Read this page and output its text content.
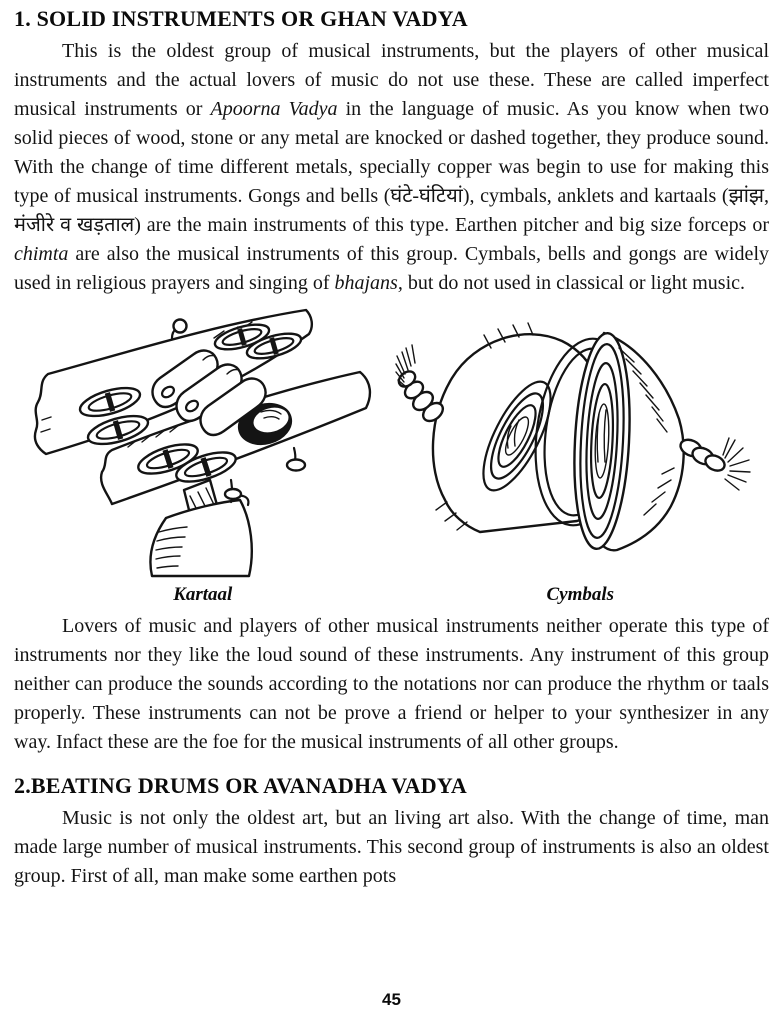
1. SOLID INSTRUMENTS OR GHAN VADYA

This is the oldest group of musical instruments, but the players of other musical instruments and the actual lovers of music do not use these. These are called imperfect musical instruments or Apoorna Vadya in the language of music. As you know when two solid pieces of wood, stone or any metal are knocked or dashed together, they produce sound. With the change of time different metals, specially copper was begin to use for making this type of musical instruments. Gongs and bells (घंटे-घंटियां), cymbals, anklets and kartaals (झांझ, मंजीरे व खड़ताल) are the main instruments of this type. Earthen pitcher and big size forceps or chimta are also the musical instruments of this group. Cymbals, bells and gongs are widely used in religious prayers and singing of bhajans, but do not used in classical or light music.

Kartaal	Cymbals

Lovers of music and players of other musical instruments neither operate this type of instruments nor they like the loud sound of these instruments. Any instrument of this group neither can produce the sounds according to the notations nor can produce the rhythm or taals properly. These instruments can not be prove a friend or helper to your synthesizer in any way. Infact these are the foe for the musical instruments of all other groups.

2.BEATING DRUMS OR AVANADHA VADYA

Music is not only the oldest art, but an living art also. With the change of time, man made large number of musical instruments. This second group of instruments is also an oldest group. First of all, man make some earthen pots

45
